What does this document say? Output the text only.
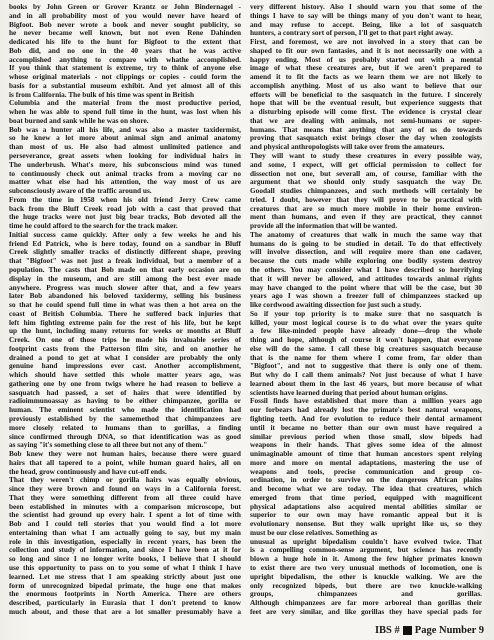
books by John Green or Grover Krantz or John Bindernagel -
and in all probability most of you would never have heard of
Bigfoot. Bob never wrote a book and never sought publicity, so
he never became well known, but not even Rene Dahinden
dedicated his life to the hunt for Bigfoot to the extent that
Bob did, and no one in the 40 years that he was active
accomplished anything to compare with whathe accomplished.
If you think that statement is extreme, try to think of anyone else
whose original materials - not clippings or copies - could form the
basis for a substantial museum exhibit. And yet almost all of this
is from California. The bulk of his time was spent in British
Columbia and the material from the most productive period,
when he was able to spend full time in the hunt, was lost when his
boat burned and sank while he was on shore.
Bob was a hunter all his life, and was also a master taxidermist,
so he knew a lot more about animal sign and animal anatomy
than most of us. He also had almost unlimited patience and
perseverance, great assets when looking for individual hairs in
The underbrush. What's more, his subconscious mind was tuned
to continuously check out animal tracks from a moving car no
matter what else had his attention, the way most of us are
subconsciously aware of the traffic around us.
From the time in 1958 when his old friend Jerry Crew came
back from the Bluff Creek road job with a cast that proved that
the huge tracks were not just big bear tracks, Bob devoted all the
time he could afford to the search for the track maker.
Initial success came quickly. After only a few weeks he and his
friend Ed Patrick, who is here today, found on a sandbar in Bluff
Creek slightly smaller tracks of distinctly different shape, proving
that "Bigfoot" was not just a freak individual, but a member of a
population. The casts that Bob made on that early occasion are on
display in the museum, and are still among the best ever made
anywhere. Progress was much slower after that, and a few years
later Bob abandoned his beloved taxidermy, selling his business
so that he could spend full time in what was then a hot area on the
coast of British Columbia. There he suffered back injuries that
left him fighting extreme pain for the rest of his life, but he kept
up the hunt, including many returns for weeks or months at Bluff
Creek. On one of those trips he made his invaluable series of
footprint casts from the Patterson film site, and on another he
drained a pond to get at what I consider are probably the only
genuine hand impressions ever cast. Another accomplishment,
which should have settled this whole matter years ago, was
gathering one by one from twigs where he had reason to believe a
sasquatch had passed, a set of hairs that were identified by
radioimmunoassay as having to be either chimpanzee, gorilla or
human. The eminent scientist who made the identification had
previously established by the samemethod that chimpanzees are
more closely related to humans than to gorillas, a finding
since confirmed through DNA, so that identification was as good
as saying "it's something close to all three but not any of them."
Bob knew they were not human hairs, because there were guard
hairs that all tapered to a point, while human guard hairs, all on
the head, grow continuously and have cut-off ends.
That they weren't chimp or gorilla hairs was equally obvious,
since they were brown and found on ways in a California forest.
That they were something different from all three could have
been established in minutes with a comparison microscope, but
the scientist had ground up every hair. I spent a lot of time with
Bob and I could tell stories that you would find a lot more
entertaining than what I am actually going to say, but my main
role in this investigation, especially in recent years, has been the
collection and study of information, and since I have been at it for
so long and since I no longer write books, I believe that I should
use this opportunity to pass on to you some of what I think I have
learned. Let me stress that I am speaking strictly about just one
form of unrecognized bipedal primate, the huge one that makes
the enormous footprints in North America. There are others
described, particularly in Eurasia that I don't pretend to know
much about, and those that are a lot smaller presumably have a
very different history. Also I should warn you that some of the
things I have to say will be things many of you don't want to hear,
and may refuse to accept. Being, like a lot of sasquatch
hunters, a contrary sort of person, I'll get to that part right away.
First, and foremost, we are not involved in a story that can be
shaped to fit our own fantasies, and it is not necessarily one with a
happy ending. Most of us probably started out with a mental
image of what these creatures are, but if we aren't prepared to
amend it to fit the facts as we learn them we are not likely to
accomplish anything. Most of us also want to believe that our
efforts will be beneficial to the sasquatch in the future. I sincerely
hope that will be the eventual result, but experience suggests that
a disturbing episode will come first. The evidence is crystal clear
that we are dealing with animals, not semi-humans or super-
humans. That means that anything that any of us do towards
proving that sasquatch exist brings closer the day when zoologists
and physical anthropologists will take over from the amateurs.
They will want to study these creatures in every possible way,
and some, I expect, will get official permission to collect for
dissection not one, but severall am, of course, familiar with the
argument that we should only study sasquatch the way Dr.
Goodall studies chimpanzees, and such methods will certainly be
tried. I doubt, however that they will prove to be practical with
creatures that are so much more mobile in their home environ-
ment than humans, and even if they are practical, they cannot
provide all the information that will be wanted.
The anatomy of creatures that walk in much the same way that
humans do is going to be studied in detail. To do that effectively
will involve dissection, and will require more than one cadaver,
because the cuts made while exploring one bodily system destroy
the others. You may consider what I have described so horrifying
that it will never be allowed, and attitudes towards animal rights
may have changed to the point where that will be the case, but 30
years ago I was shown a freezer full of chimpanzees stacked up
like cordwood awaiting dissection for just such a study.
So if your top priority is to make sure that no sasquatch is
killed, your most logical course is to do what over the years quite
a few like-minded people have already done—drop the whole
thing and hope, although of course it won't happen, that everyone
else will do the same. I call these big creatures sasquatch because
that is the name for them where I come from, far older than
"Bigfoot", and not to suggestive that there is only one of them.
But why do I call them animals? Not just because of what I have
learned about them in the last 46 years, but more because of what
scientists have learned during that period about human origins.
Fossil finds have established that more than a million years ago
our forbears had already lost the primate's best natural weapons,
fighting teeth. And for evolution to reduce their dental armament
until it became no better than our own must have required a
similar previous period when those small, slow bipeds had
weapons in their hands. That gives some idea of the almost
unimaginable amount of time that human ancestors spent relying
more and more on mental adaptations, mastering the use of
weapons and tools, precise communication and group co-
ordination, in order to survive on the dangerous African plains
and become what we are today. The idea that creatures, which
emerged from that time period, equipped with magnificent
physical adaptations also acquired mental abilities similar or
superior to our own may have romantic appeal but it is
evolutionary nonsense. But they walk upright like us, so they
must be our close relatives. Something as
unusual as upright bipedalism couldn't have evolved twice. That
is a compelling common-sense argument, but science has recently
blown a huge hole in it. Among the few higher primates known
to exist there are two very unusual methods of locomotion, one is
upright bipedalism, the other is knuckle walking. We are the
only recognized bipeds, but there are two knuckle-walking
groups, chimpanzees and gorillas.
Although chimpanzees are far more arboreal than gorillas their
feet are very similar, and like gorillas they have special pads for
IBS # Page Number 9
